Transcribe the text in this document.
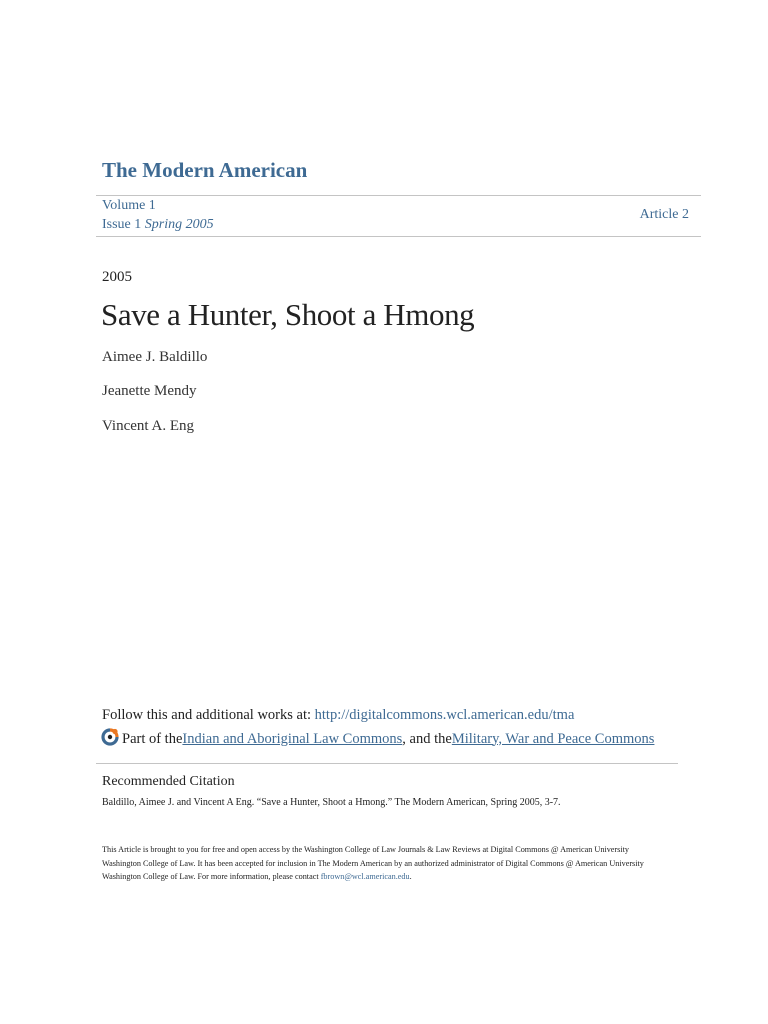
The Modern American
Volume 1
Issue 1 Spring 2005
Article 2
2005
Save a Hunter, Shoot a Hmong
Aimee J. Baldillo
Jeanette Mendy
Vincent A. Eng
Follow this and additional works at: http://digitalcommons.wcl.american.edu/tma
Part of the Indian and Aboriginal Law Commons , and the Military, War and Peace Commons
Recommended Citation
Baldillo, Aimee J. and Vincent A Eng. “Save a Hunter, Shoot a Hmong.” The Modern American, Spring 2005, 3-7.
This Article is brought to you for free and open access by the Washington College of Law Journals & Law Reviews at Digital Commons @ American University Washington College of Law. It has been accepted for inclusion in The Modern American by an authorized administrator of Digital Commons @ American University Washington College of Law. For more information, please contact fbrown@wcl.american.edu.
